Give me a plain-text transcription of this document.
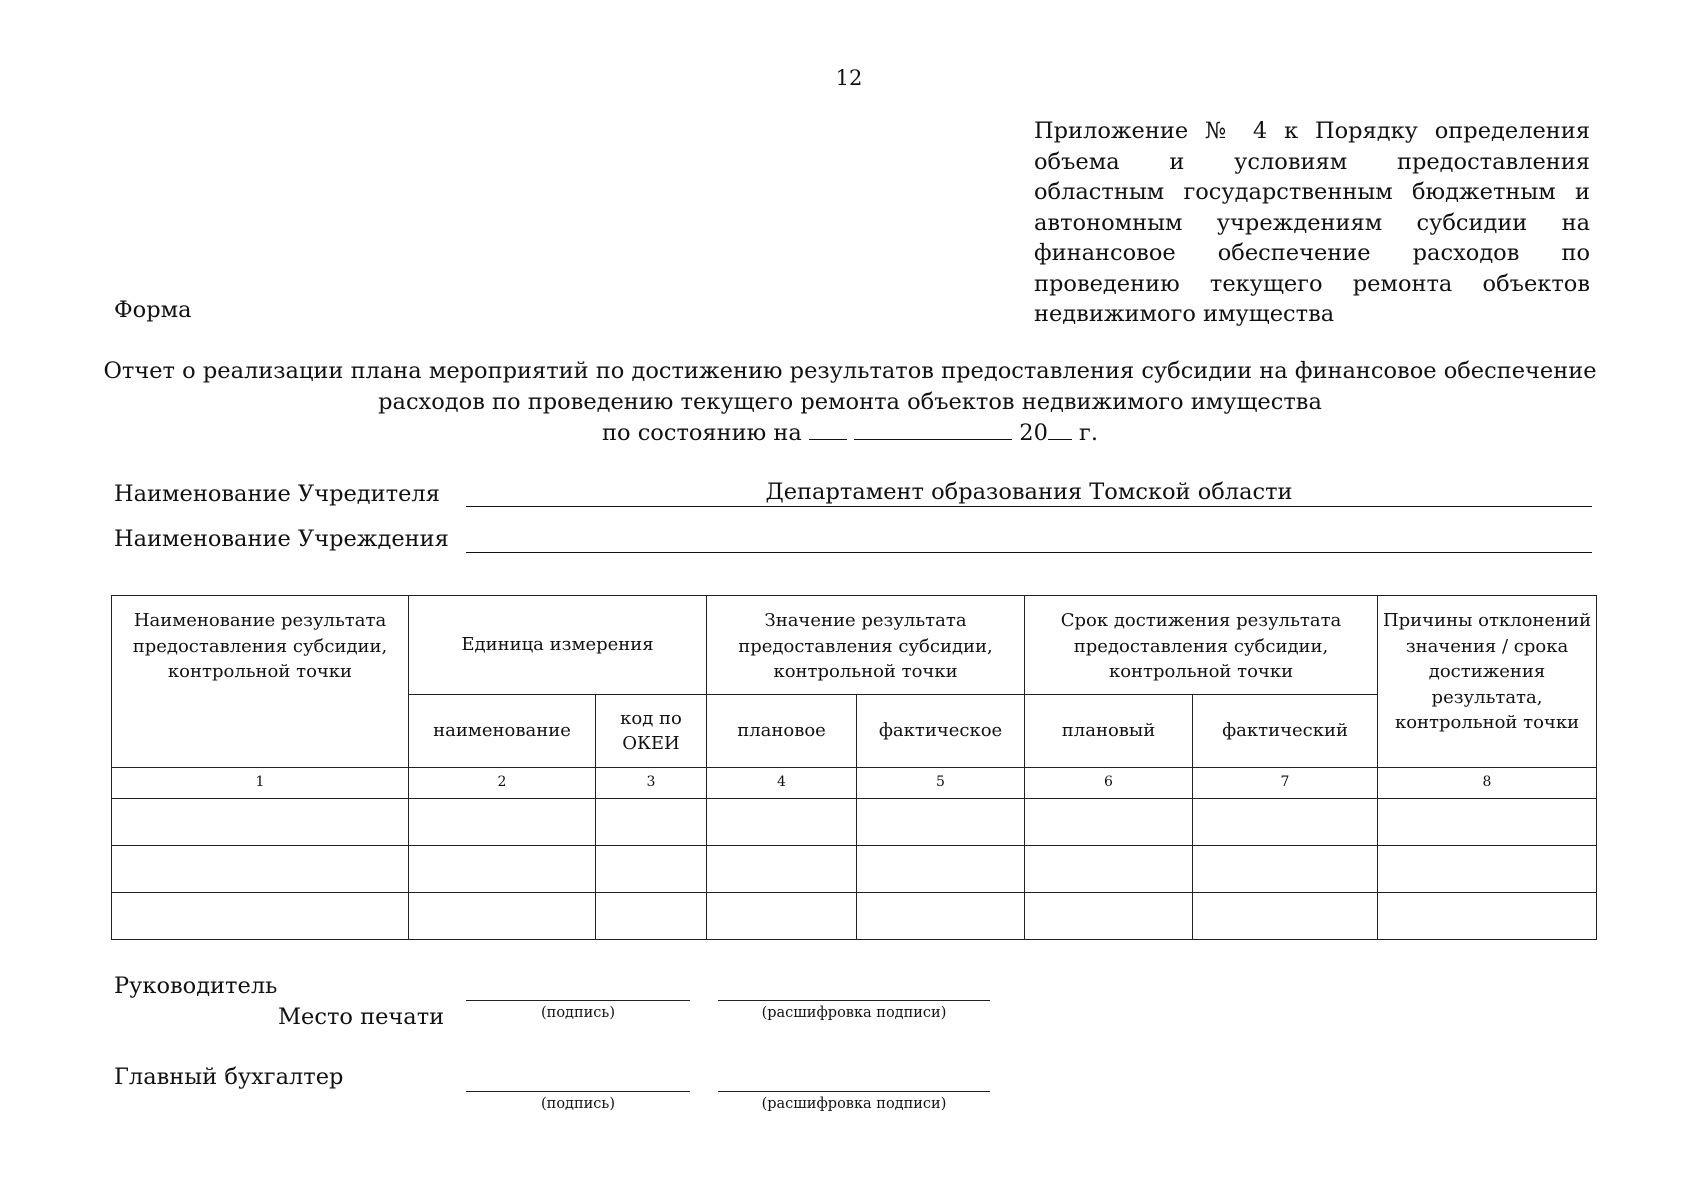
12
Приложение № 4 к Порядку определения объема и условиям предоставления областным государственным бюджетным и автономным учреждениям субсидии на финансовое обеспечение расходов по проведению текущего ремонта объектов недвижимого имущества
Форма
Отчет о реализации плана мероприятий по достижению результатов предоставления субсидии на финансовое обеспечение
расходов по проведению текущего ремонта объектов недвижимого имущества
по состоянию на	20 г.
Наименование Учредителя	Департамент образования Томской области
Наименование Учреждения
Наименование результата предоставления субсидии, контрольной точки	Единица измерения		Значение результата предоставления субсидии, контрольной точки		Срок достижения результата предоставления субсидии, контрольной точки		Причины отклонений значения / срока достижения результата, контрольной точки
	наименование	код по ОКЕИ	плановое	фактическое	плановый	фактический	
1	2	3	4	5	6	7	8

Руководитель
Место печати	(подпись)	(расшифровка подписи)
Главный бухгалтер
(подпись)	(расшифровка подписи)
